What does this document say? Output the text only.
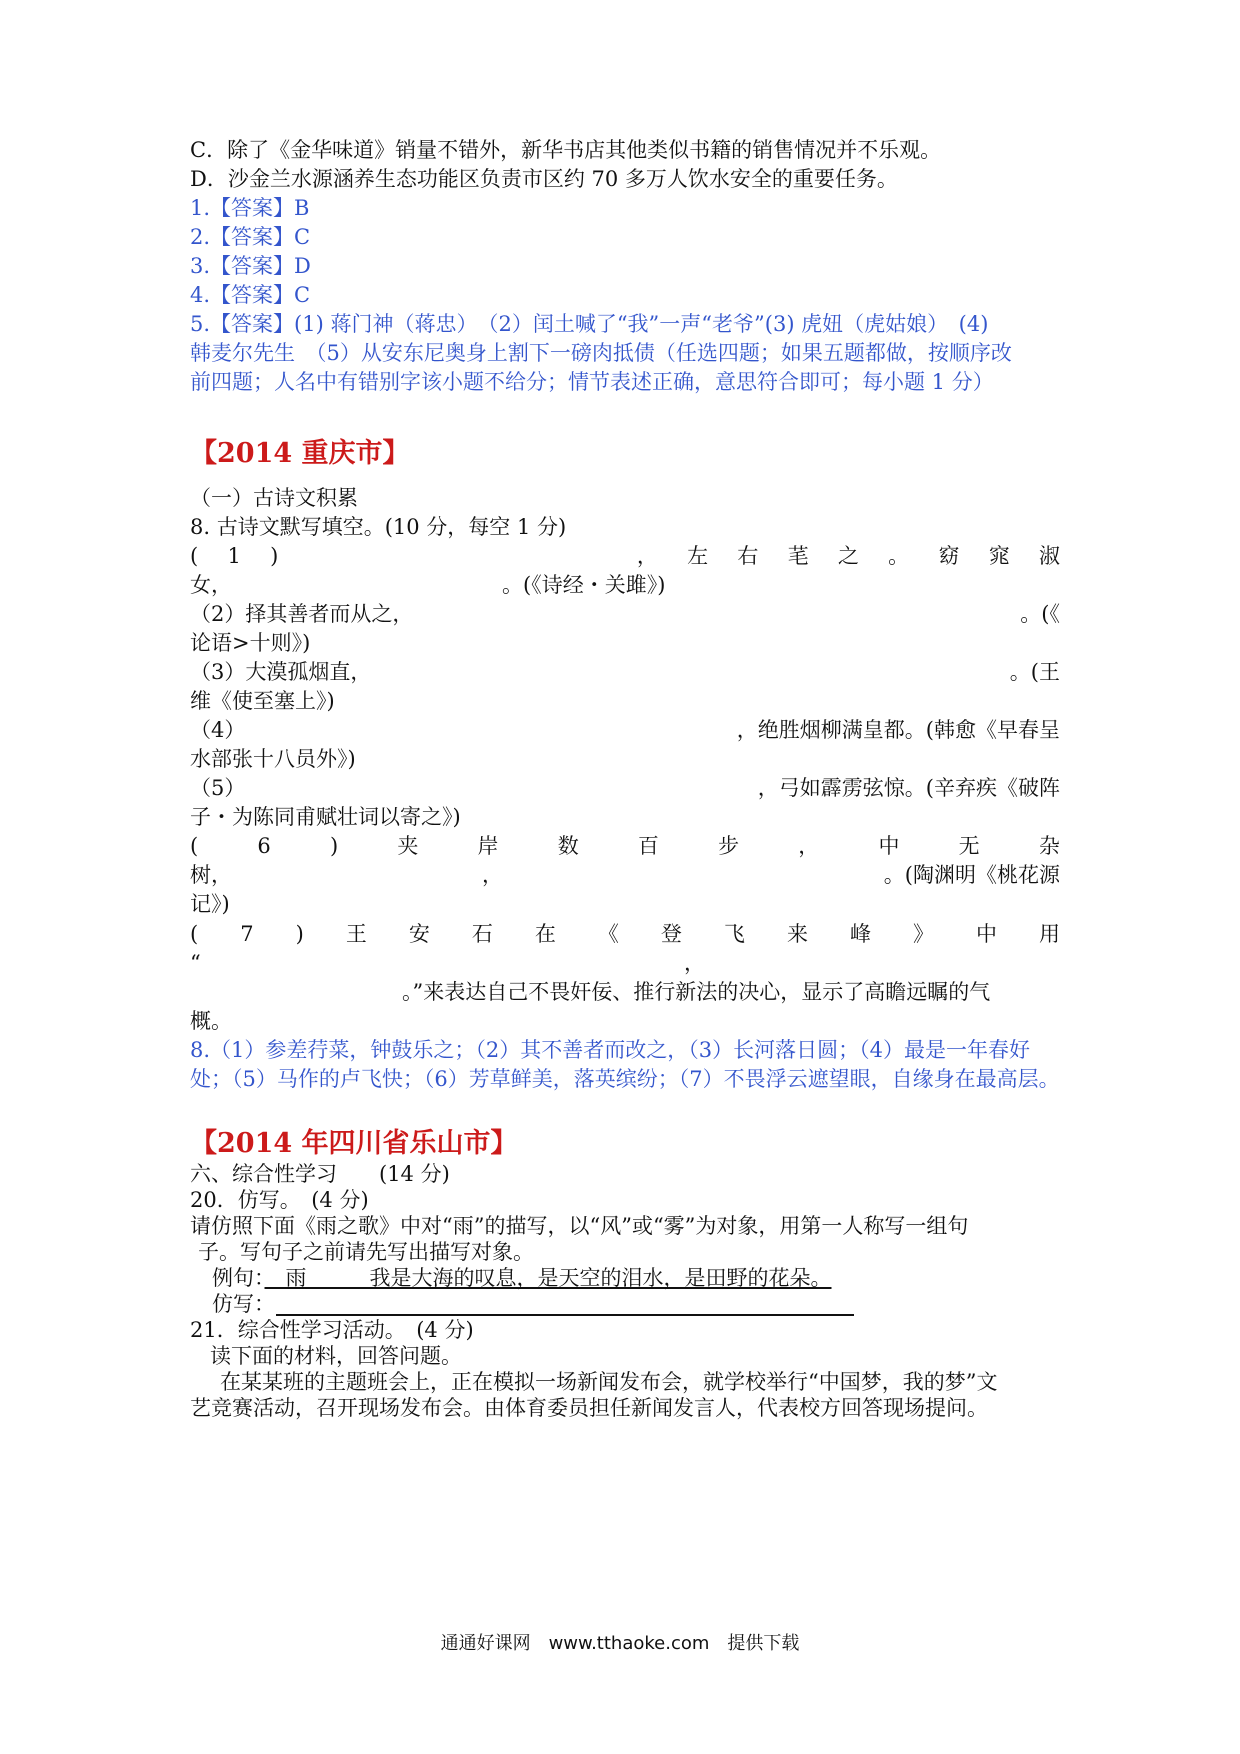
C．除了《金华味道》销量不错外，新华书店其他类似书籍的销售情况并不乐观。
D．沙金兰水源涵养生态功能区负责市区约 70 多万人饮水安全的重要任务。
1.【答案】B
2.【答案】C
3.【答案】D
4.【答案】C
5.【答案】(1) 蒋门神（蒋忠）　（2）闰土喊了“我”一声“老爷”(3) 虎妞（虎姑娘）　(4)
韩麦尔先生　（5）从安东尼奥身上割下一磅肉抵债（任选四题；如果五题都做，按顺序改
前四题；人名中有错别字该小题不给分；情节表述正确，意思符合即可；每小题 1 分）
【2014 重庆市】
（一）古诗文积累
8. 古诗文默写填空。(10 分，每空 1 分)
( 1 )	， 左 右 芼 之 。 窈 窕 淑
女，	。(《诗经・关雎》)
（2）择其善者而从之，	。(《
论语>十则》)
（3）大漠孤烟直，	。(王
维《使至塞上》)
（4）	，绝胜烟柳满皇都。(韩愈《早春呈
水部张十八员外》)
（5）	，弓如霹雳弦惊。(辛弃疾《破阵
子・为陈同甫赋壮词以寄之》)
(	6	)	夹	岸	数	百	步	，	中	无	杂
树，	，	。(陶渊明《桃花源
记》)
( 7 ) 王 安 石 在 《 登 飞 来 峰 》 中 用
“	，
。”来表达自己不畏奸佞、推行新法的决心，显示了高瞻远瞩的气
概。
8.（1）参差荇菜，钟鼓乐之；（2）其不善者而改之，（3）长河落日圆；（4）最是一年春好
处；（5）马作的卢飞快；（6）芳草鲜美，落英缤纷；（7）不畏浮云遮望眼，自缘身在最高层。
【2014 年四川省乐山市】
六、综合性学习　　(14 分)
20．仿写。　(4 分)
请仿照下面《雨之歌》中对“雨”的描写，以“风”或“雾”为对象，用第一人称写一组句
子。写句子之前请先写出描写对象。
例句：　雨　　　我是大海的叹息，是天空的泪水，是田野的花朵。
仿写：
21．综合性学习活动。　(4 分)
读下面的材料，回答问题。
在某某班的主题班会上，正在模拟一场新闻发布会，就学校举行“中国梦，我的梦”文
艺竞赛活动，召开现场发布会。由体育委员担任新闻发言人，代表校方回答现场提问。
通通好课网　www.tthaoke.com　提供下载
